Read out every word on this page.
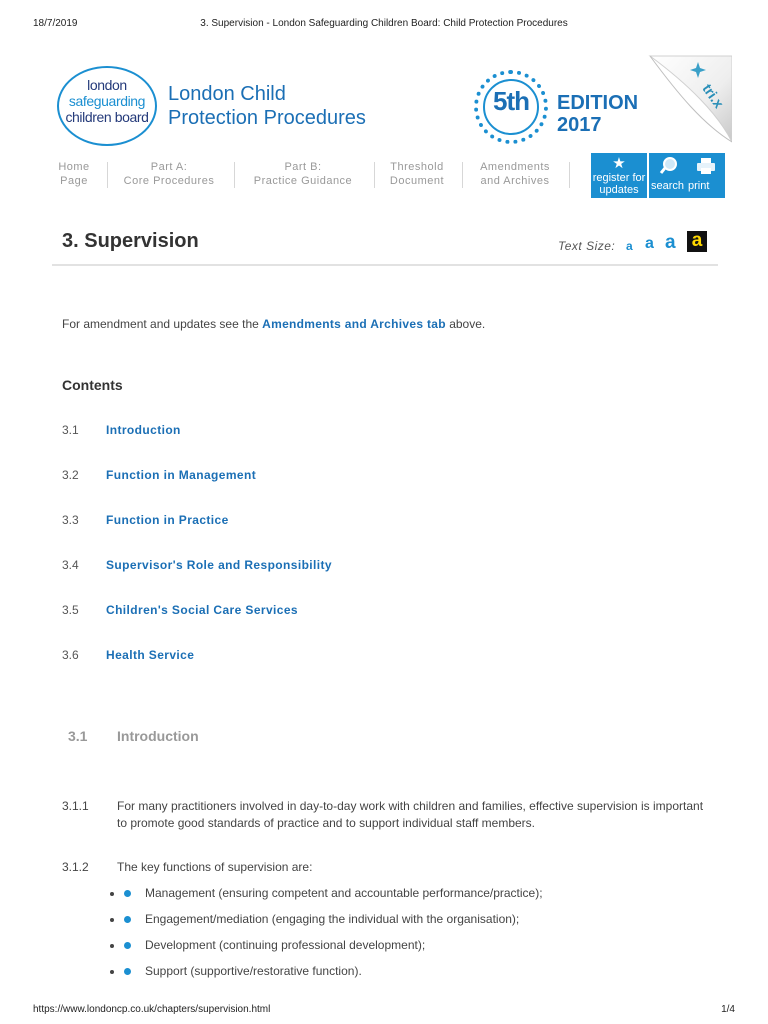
18/7/2019	3. Supervision - London Safeguarding Children Board: Child Protection Procedures
london
safeguarding
children board
London Child
Protection Procedures
5th	EDITION
2017
tri.x
Home
Page
Part A:
Core Procedures
Part B:
Practice Guidance
Threshold
Document
Amendments
and Archives
★
register for
updates	search print
3. Supervision	Text Size: a a a a

For amendment and updates see the Amendments and Archives tab above.

Contents
3.1	Introduction
3.2	Function in Management
3.3	Function in Practice
3.4	Supervisor's Role and Responsibility
3.5	Children's Social Care Services
3.6	Health Service
3.1 Introduction
3.1.1 For many practitioners involved in day-to-day work with children and families, effective supervision is important to promote good standards of practice and to support individual staff members.
3.1.2 The key functions of supervision are:
Management (ensuring competent and accountable performance/practice);
Engagement/mediation (engaging the individual with the organisation);
Development (continuing professional development);
Support (supportive/restorative function).
https://www.londoncp.co.uk/chapters/supervision.html	1/4
